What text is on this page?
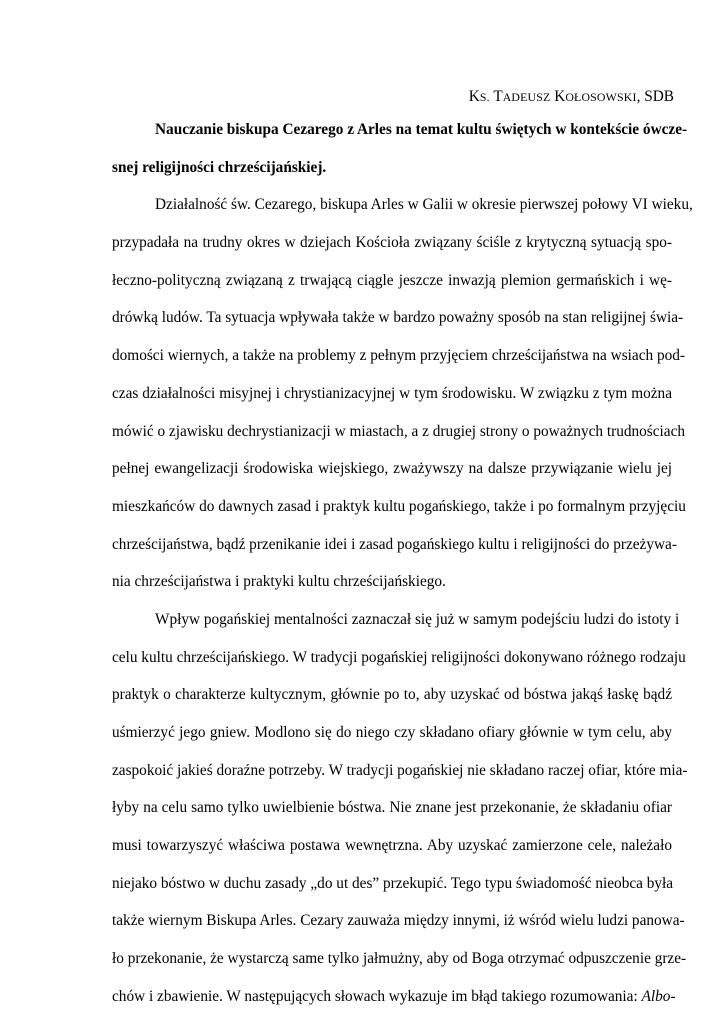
KS. TADEUSZ KOŁOSOWSKI, SDB
Nauczanie biskupa Cezarego z Arles na temat kultu świętych w kontekście ówcze-
snej religijności chrześcijańskiej.
Działalność św. Cezarego, biskupa Arles w Galii w okresie pierwszej połowy VI wieku,
przypadała na trudny okres w dziejach Kościoła związany ściśle z krytyczną sytuacją spo-
łeczno-polityczną związaną z trwającą ciągle jeszcze inwazją plemion germańskich i wę-
drówką ludów. Ta sytuacja wpływała także w bardzo poważny sposób na stan religijnej świa-
domości wiernych, a także na problemy z pełnym przyjęciem chrześcijaństwa na wsiach pod-
czas działalności misyjnej i chrystianizacyjnej w tym środowisku. W związku z tym można
mówić o zjawisku dechrystianizacji w miastach, a z drugiej strony o poważnych trudnościach
pełnej ewangelizacji środowiska wiejskiego, zważywszy na dalsze przywiązanie wielu jej
mieszkańców do dawnych zasad i praktyk kultu pogańskiego, także i po formalnym przyjęciu
chrześcijaństwa, bądź przenikanie idei i zasad pogańskiego kultu i religijności do przeżywa-
nia chrześcijaństwa i praktyki kultu chrześcijańskiego.
Wpływ pogańskiej mentalności zaznaczał się już w samym podejściu ludzi do istoty i
celu kultu chrześcijańskiego. W tradycji pogańskiej religijności dokonywano różnego rodzaju
praktyk o charakterze kultycznym, głównie po to, aby uzyskać od bóstwa jakąś łaskę bądź
uśmierzyć jego gniew. Modlono się do niego czy składano ofiary głównie w tym celu, aby
zaspokoić jakieś doraźne potrzeby. W tradycji pogańskiej nie składano raczej ofiar, które mia-
łyby na celu samo tylko uwielbienie bóstwa. Nie znane jest przekonanie, że składaniu ofiar
musi towarzyszyć właściwa postawa wewnętrzna. Aby uzyskać zamierzone cele, należało
niejako bóstwo w duchu zasady „do ut des” przekupić. Tego typu świadomość nieobca była
także wiernym Biskupa Arles. Cezary zauważa między innymi, iż wśród wielu ludzi panowa-
ło przekonanie, że wystarczą same tylko jałmużny, aby od Boga otrzymać odpuszczenie grze-
chów i zbawienie. W następujących słowach wykazuje im błąd takiego rozumowania: Albo-
